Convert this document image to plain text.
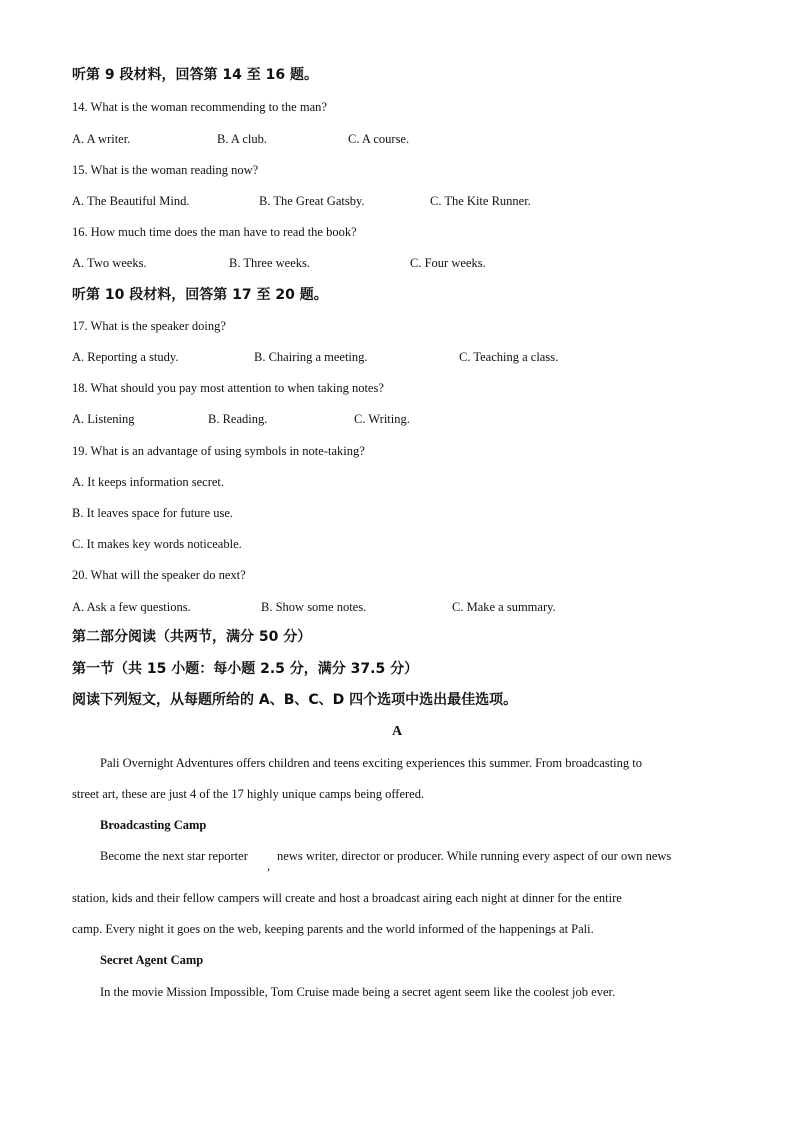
听第 9 段材料，回答第 14 至 16 题。
14. What is the woman recommending to the man?
A. A writer.	B. A club.	C. A course.
15. What is the woman reading now?
A. The Beautiful Mind.	B. The Great Gatsby.	C. The Kite Runner.
16. How much time does the man have to read the book?
A. Two weeks.	B. Three weeks.	C. Four weeks.
听第 10 段材料，回答第 17 至 20 题。
17. What is the speaker doing?
A. Reporting a study.	B. Chairing a meeting.	C. Teaching a class.
18. What should you pay most attention to when taking notes?
A. Listening	B. Reading.	C. Writing.
19. What is an advantage of using symbols in note-taking?
A. It keeps information secret.
B. It leaves space for future use.
C. It makes key words noticeable.
20. What will the speaker do next?
A. Ask a few questions.	B. Show some notes.	C. Make a summary.
第二部分阅读（共两节，满分 50 分）
第一节（共 15 小题：每小题 2.5 分，满分 37.5 分）
阅读下列短文，从每题所给的 A、B、C、D 四个选项中选出最佳选项。
A
Pali Overnight Adventures offers children and teens exciting experiences this summer. From broadcasting to
street art, these are just 4 of the 17 highly unique camps being offered.
Broadcasting Camp
Become the next star reporter
,
news writer, director or producer. While running every aspect of our own news
station, kids and their fellow campers will create and host a broadcast airing each night at dinner for the entire
camp. Every night it goes on the web, keeping parents and the world informed of the happenings at Pali.
Secret Agent Camp
In the movie Mission Impossible, Tom Cruise made being a secret agent seem like the coolest job ever.
